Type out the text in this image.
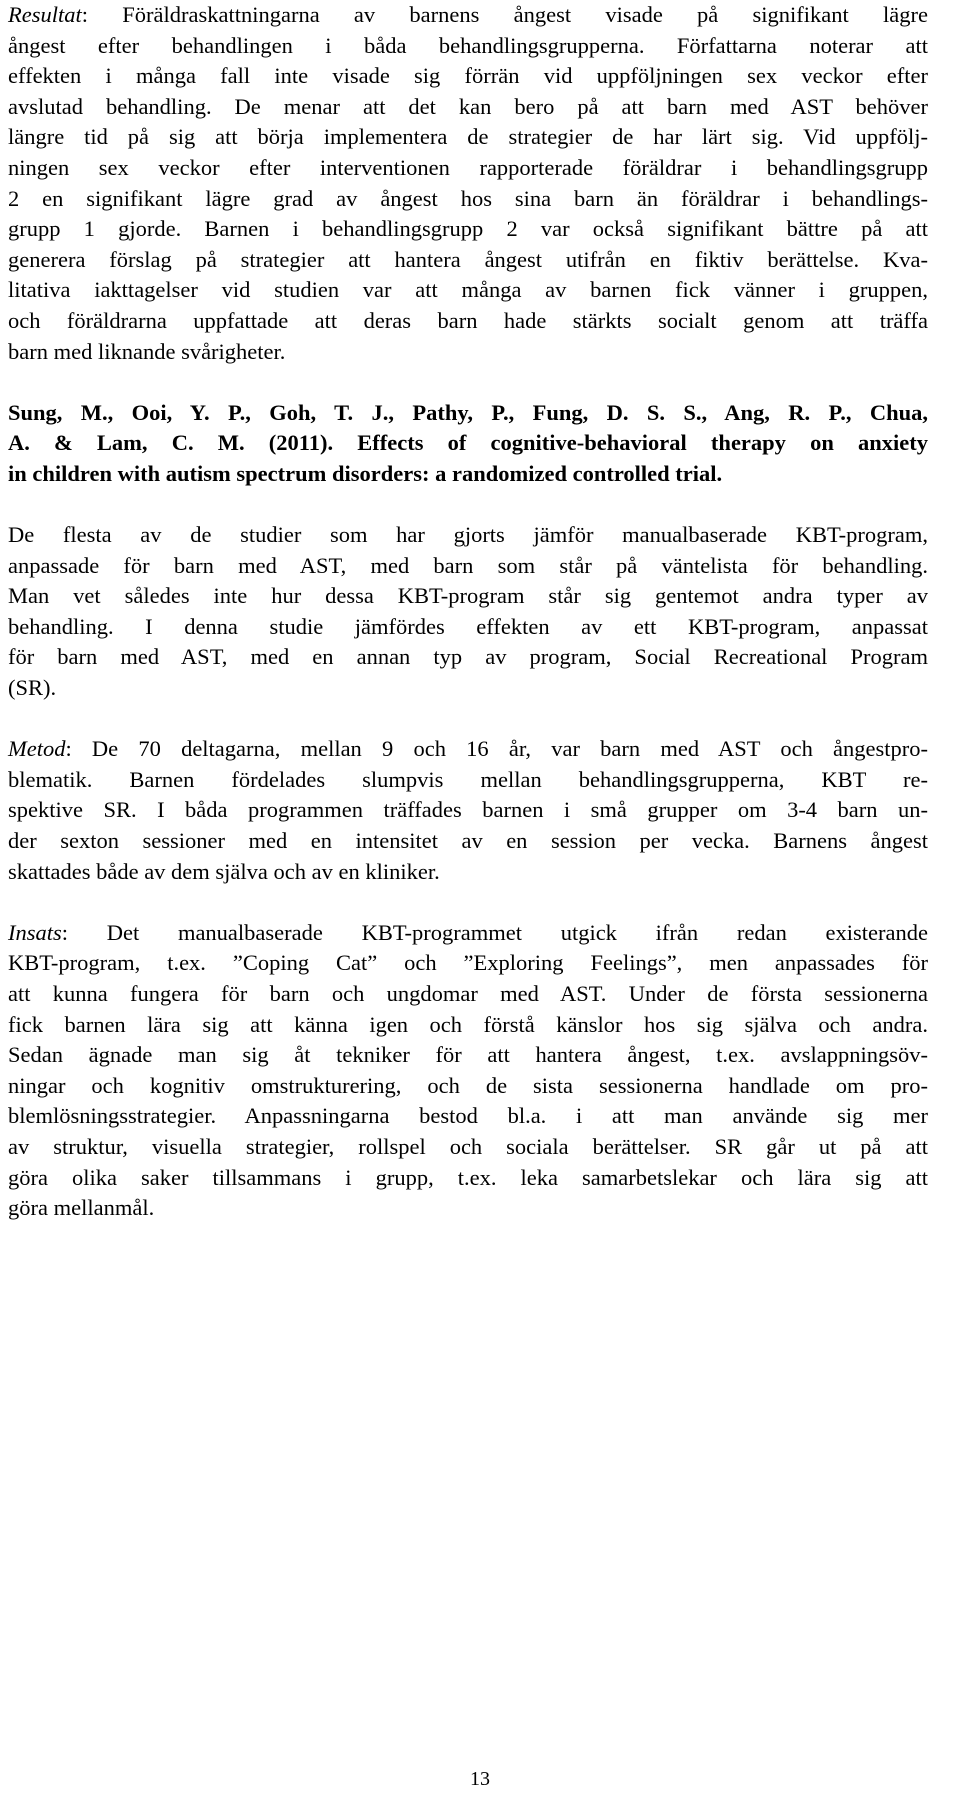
Resultat: Föräldraskattningarna av barnens ångest visade på signifikant lägre
ångest efter behandlingen i båda behandlingsgrupperna. Författarna noterar att
effekten i många fall inte visade sig förrän vid uppföljningen sex veckor efter
avslutad behandling. De menar att det kan bero på att barn med AST behöver
längre tid på sig att börja implementera de strategier de har lärt sig. Vid uppfölj-
ningen sex veckor efter interventionen rapporterade föräldrar i behandlingsgrupp
2 en signifikant lägre grad av ångest hos sina barn än föräldrar i behandlings-
grupp 1 gjorde. Barnen i behandlingsgrupp 2 var också signifikant bättre på att
generera förslag på strategier att hantera ångest utifrån en fiktiv berättelse. Kva-
litativa iakttagelser vid studien var att många av barnen fick vänner i gruppen,
och föräldrarna uppfattade att deras barn hade stärkts socialt genom att träffa
barn med liknande svårigheter.
Sung, M., Ooi, Y. P., Goh, T. J., Pathy, P., Fung, D. S. S., Ang, R. P., Chua,
A. & Lam, C. M. (2011). Effects of cognitive-behavioral therapy on anxiety
in children with autism spectrum disorders: a randomized controlled trial.
De flesta av de studier som har gjorts jämför manualbaserade KBT-program,
anpassade för barn med AST, med barn som står på väntelista för behandling.
Man vet således inte hur dessa KBT-program står sig gentemot andra typer av
behandling. I denna studie jämfördes effekten av ett KBT-program, anpassat
för barn med AST, med en annan typ av program, Social Recreational Program
(SR).
Metod: De 70 deltagarna, mellan 9 och 16 år, var barn med AST och ångestpro-
blematik. Barnen fördelades slumpvis mellan behandlingsgrupperna, KBT re-
spektive SR. I båda programmen träffades barnen i små grupper om 3-4 barn un-
der sexton sessioner med en intensitet av en session per vecka. Barnens ångest
skattades både av dem själva och av en kliniker.
Insats: Det manualbaserade KBT-programmet utgick ifrån redan existerande
KBT-program, t.ex. ”Coping Cat” och ”Exploring Feelings”, men anpassades för
att kunna fungera för barn och ungdomar med AST. Under de första sessionerna
fick barnen lära sig att känna igen och förstå känslor hos sig själva och andra.
Sedan ägnade man sig åt tekniker för att hantera ångest, t.ex. avslappningsöv-
ningar och kognitiv omstrukturering, och de sista sessionerna handlade om pro-
blemlösningsstrategier. Anpassningarna bestod bl.a. i att man använde sig mer
av struktur, visuella strategier, rollspel och sociala berättelser. SR går ut på att
göra olika saker tillsammans i grupp, t.ex. leka samarbetslekar och lära sig att
göra mellanmål.
13
